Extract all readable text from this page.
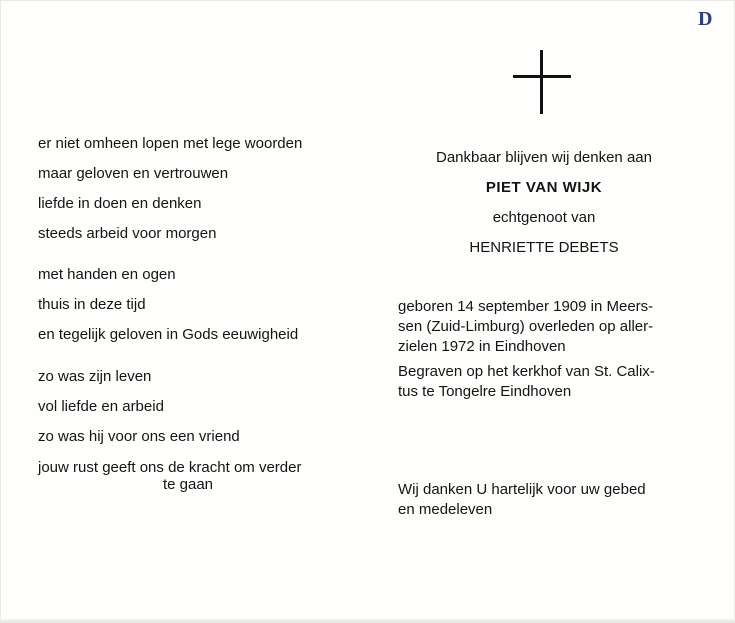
D
er niet omheen lopen met lege woorden
maar geloven en vertrouwen
liefde in doen en denken
steeds arbeid voor morgen
met handen en ogen
thuis in deze tijd
en tegelijk geloven in Gods eeuwigheid
zo was zijn leven
vol liefde en arbeid
zo was hij voor ons een vriend
jouw rust geeft ons de kracht om verder
te gaan
Dankbaar blijven wij denken aan
PIET VAN WIJK
echtgenoot van
HENRIETTE DEBETS
geboren 14 september 1909 in Meers-
sen (Zuid-Limburg) overleden op aller-
zielen 1972 in Eindhoven
Begraven op het kerkhof van St. Calix-
tus te Tongelre Eindhoven
Wij danken U hartelijk voor uw gebed
en medeleven
